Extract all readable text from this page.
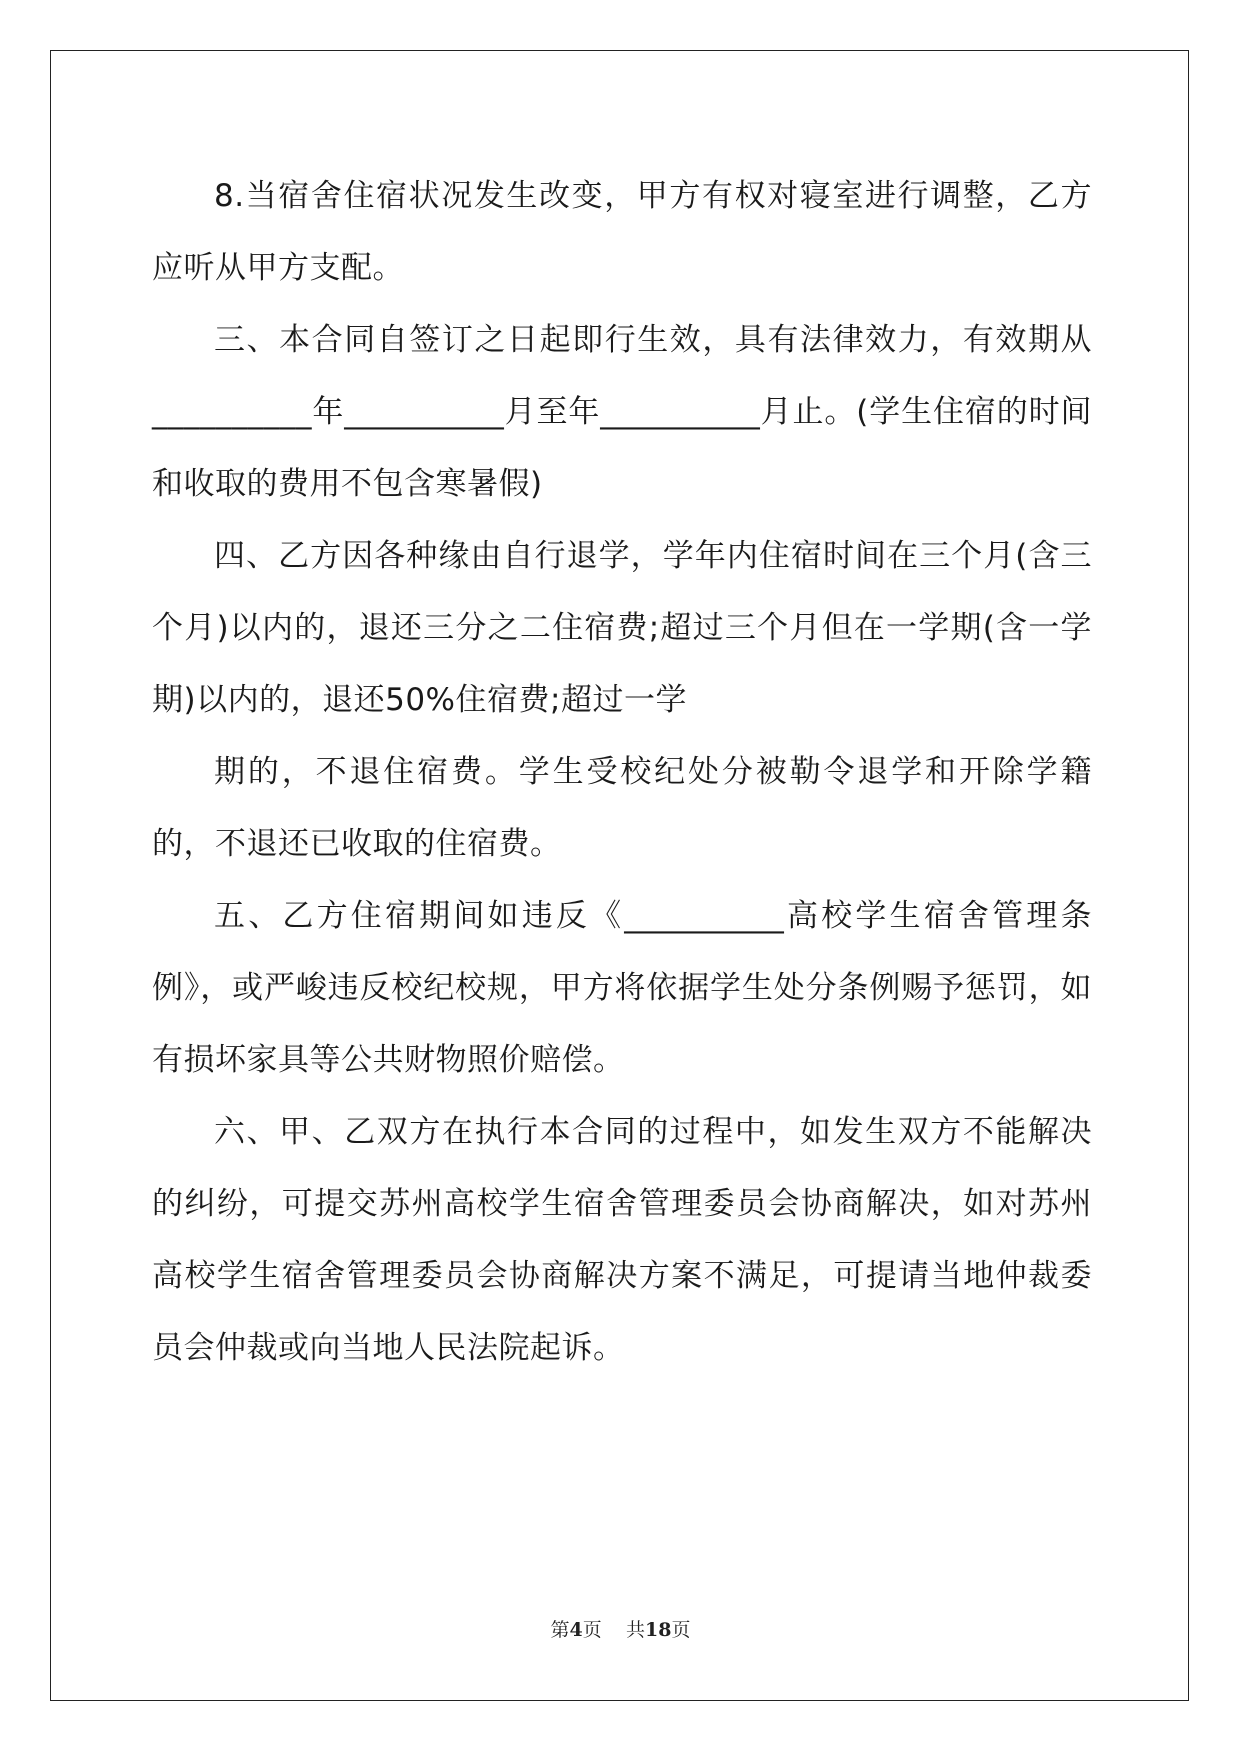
8.当宿舍住宿状况发生改变，甲方有权对寝室进行调整，乙方应听从甲方支配。

三、本合同自签订之日起即行生效，具有法律效力，有效期从__________年__________月至年__________月止。(学生住宿的时间和收取的费用不包含寒暑假)

四、乙方因各种缘由自行退学，学年内住宿时间在三个月(含三个月)以内的，退还三分之二住宿费;超过三个月但在一学期(含一学期)以内的，退还50%住宿费;超过一学

期的，不退住宿费。学生受校纪处分被勒令退学和开除学籍的，不退还已收取的住宿费。

五、乙方住宿期间如违反《__________高校学生宿舍管理条例》，或严峻违反校纪校规，甲方将依据学生处分条例赐予惩罚，如有损坏家具等公共财物照价赔偿。

六、甲、乙双方在执行本合同的过程中，如发生双方不能解决的纠纷，可提交苏州高校学生宿舍管理委员会协商解决，如对苏州高校学生宿舍管理委员会协商解决方案不满足，可提请当地仲裁委员会仲裁或向当地人民法院起诉。

第4页 共18页
